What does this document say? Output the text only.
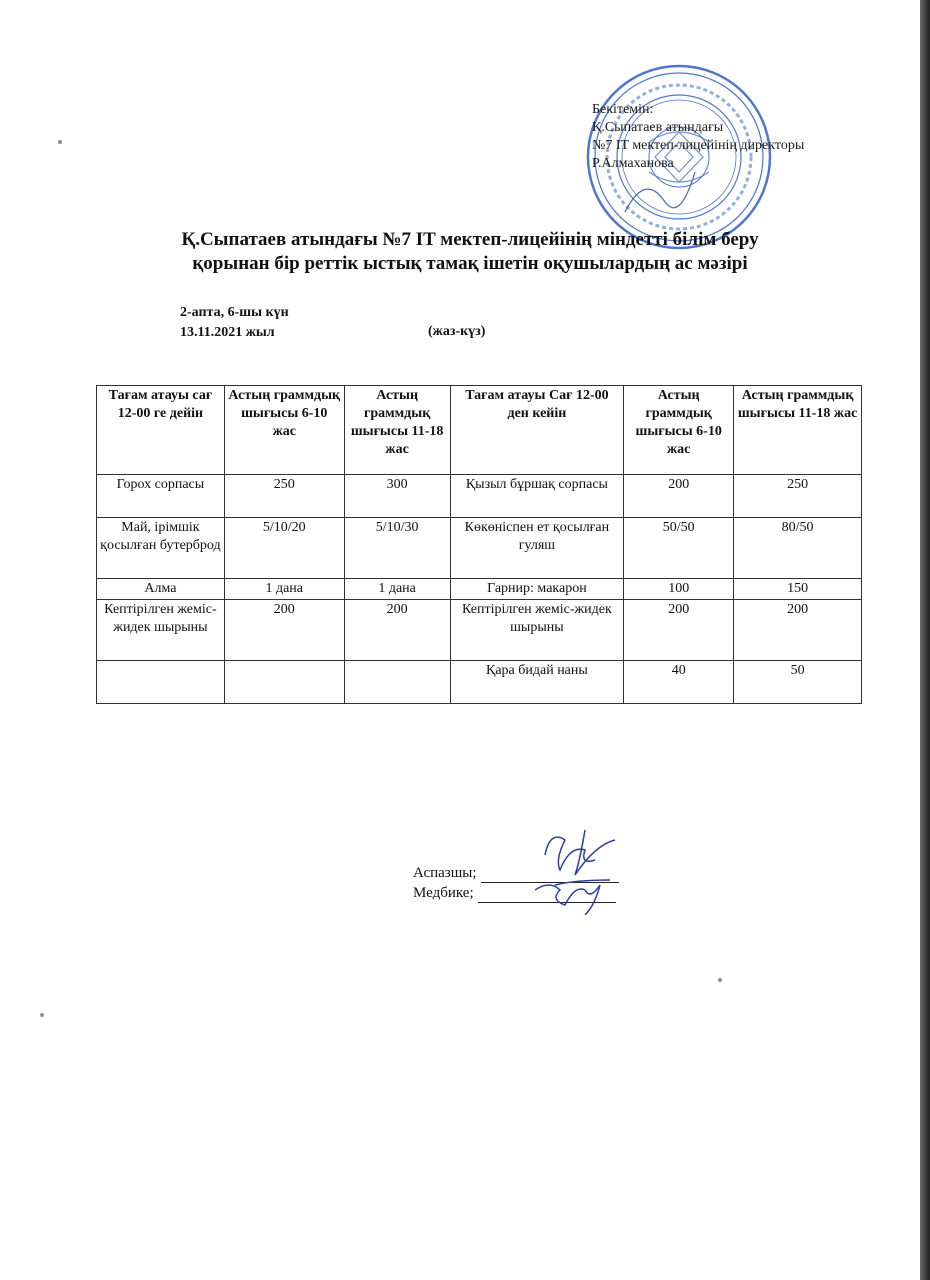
Бекітемін:
Қ.Сыпатаев атындағы
№7 IT мектеп-лицейінің директоры
Р.Алмаханова
Қ.Сыпатаев атындағы №7 IT мектеп-лицейінің міндетті білім беру
қорынан бір реттік ыстық тамақ ішетін оқушылардың ас мәзірі
2-апта, 6-шы күн
13.11.2021 жыл	(жаз-күз)
Тағам атауы сағ 12-00 ге дейін	Астың граммдық шығысы 6-10 жас	Астың граммдық шығысы 11-18 жас	Тағам атауы Сағ 12-00 ден кейін	Астың граммдық шығысы 6-10 жас	Астың граммдық шығысы 11-18 жас
Горох сорпасы	250	300	Қызыл бұршақ сорпасы	200	250
Май, ірімшік қосылған бутерброд	5/10/20	5/10/30	Көкөніспен ет қосылған гуляш	50/50	80/50
Алма	1 дана	1 дана	Гарнир: макарон	100	150
Кептірілген жеміс-жидек шырыны	200	200	Кептірілген жеміс-жидек шырыны	200	200
			Қара бидай наны	40	50
Аспазшы;
Медбике;
